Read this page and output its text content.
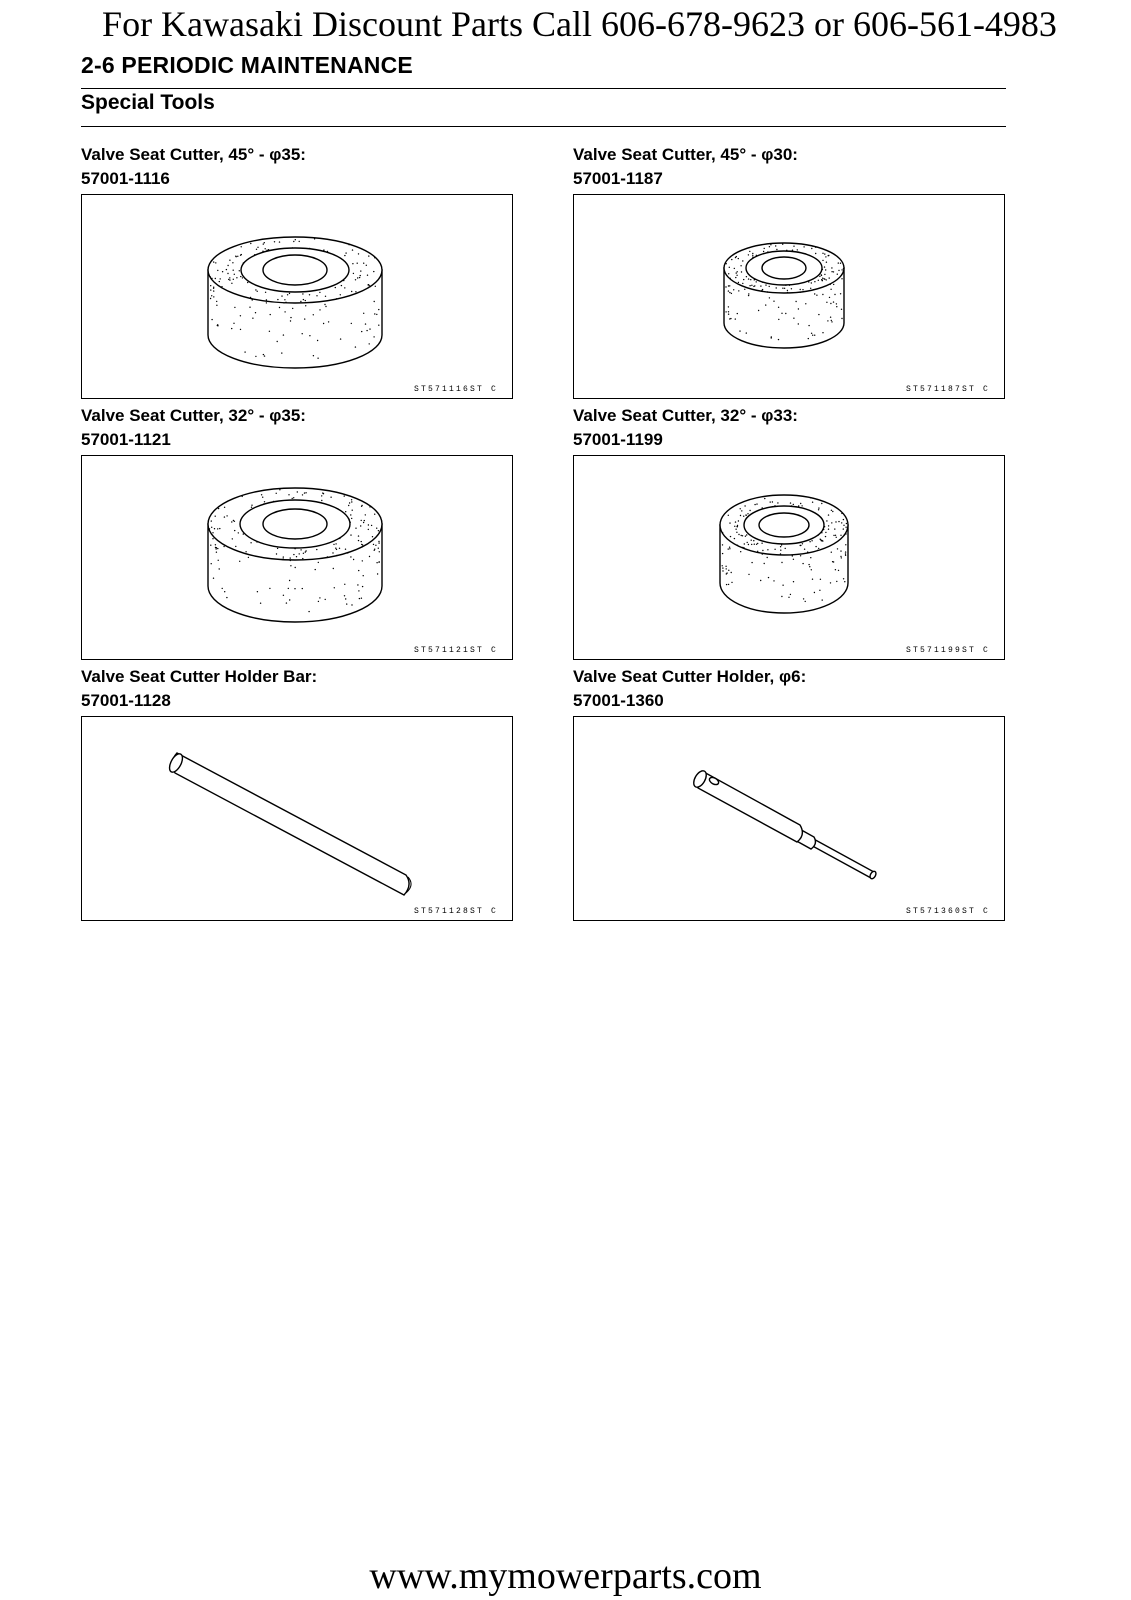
For Kawasaki Discount Parts Call 606-678-9623 or 606-561-4983
2-6 PERIODIC MAINTENANCE
Special Tools
Valve Seat Cutter, 45° - φ35:
57001-1116
ST571116ST C
Valve Seat Cutter, 45° - φ30:
57001-1187
ST571187ST C
Valve Seat Cutter, 32° - φ35:
57001-1121
ST571121ST C
Valve Seat Cutter, 32° - φ33:
57001-1199
ST571199ST C
Valve Seat Cutter Holder Bar:
57001-1128
ST571128ST C
Valve Seat Cutter Holder, φ6:
57001-1360
ST571360ST C
www.mymowerparts.com
